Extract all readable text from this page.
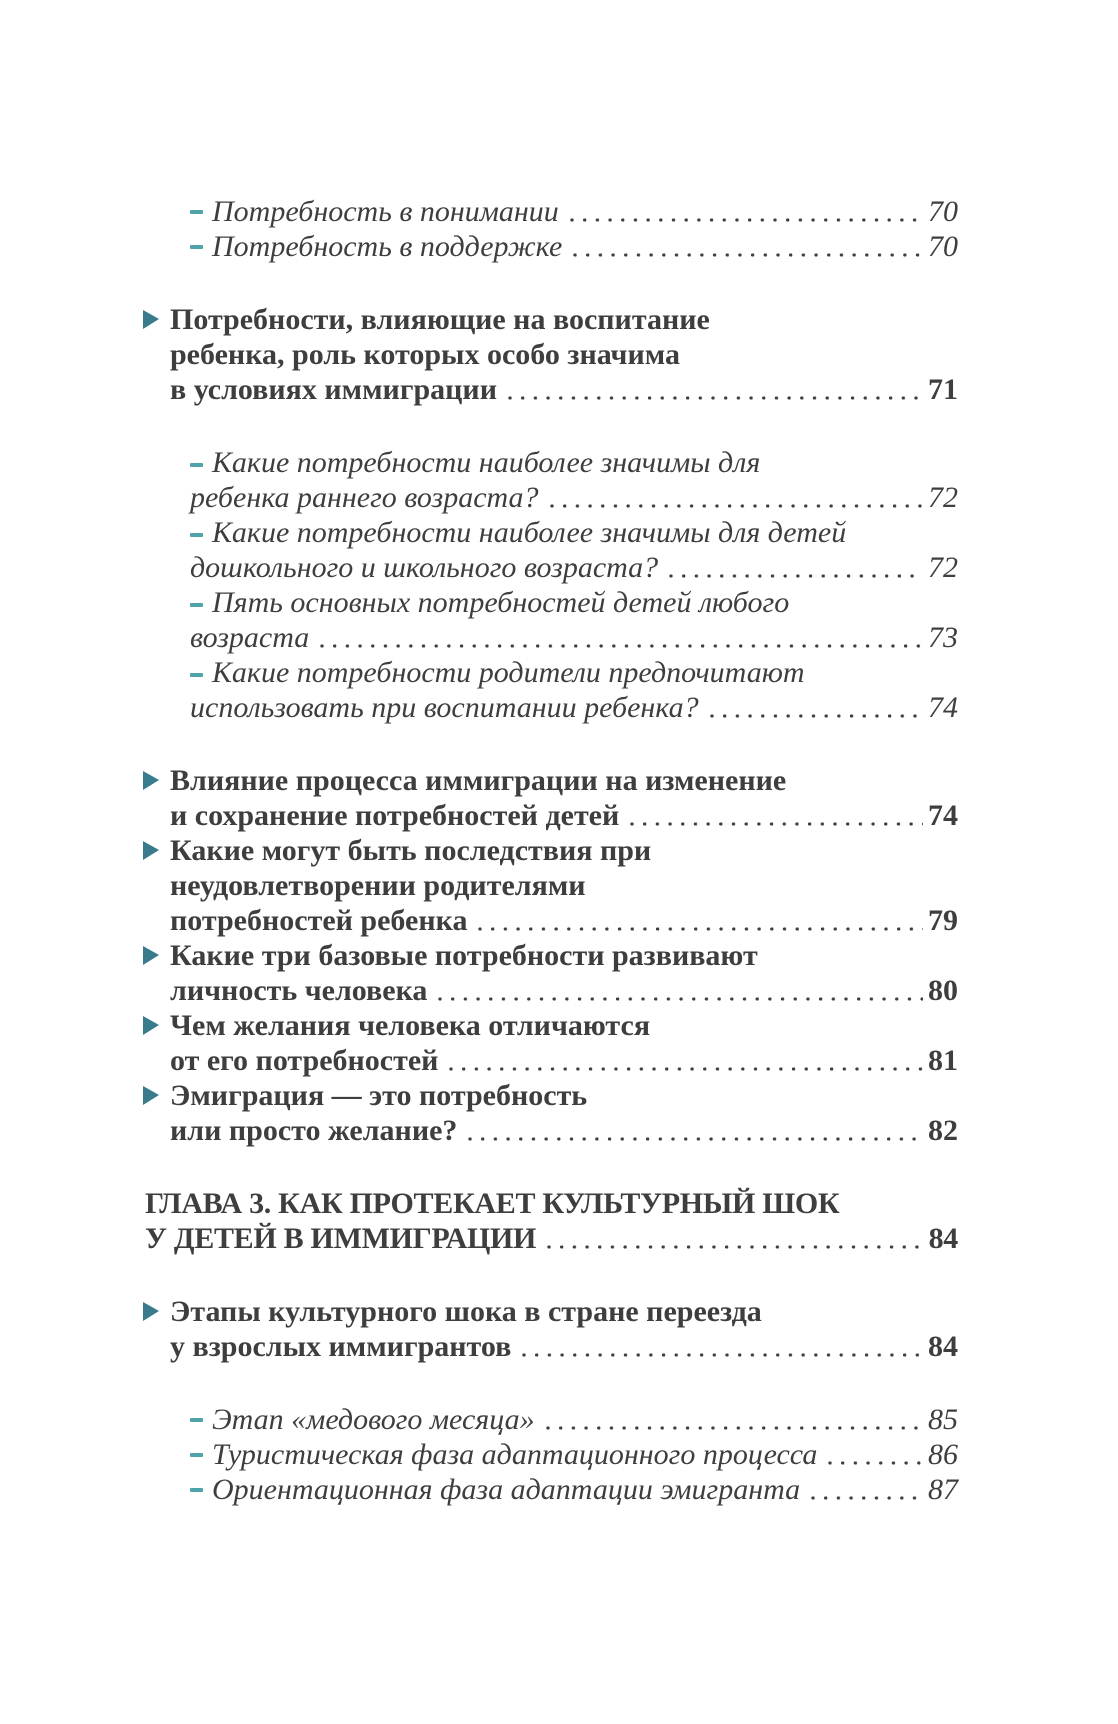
Потребность в понимании	70
Потребность в поддержке	70
Потребности, влияющие на воспитание
ребенка, роль которых особо значима
в условиях иммиграции	71
Какие потребности наиболее значимы для
ребенка раннего возраста?	72
Какие потребности наиболее значимы для детей
дошкольного и школьного возраста?	72
Пять основных потребностей детей любого
возраста	73
Какие потребности родители предпочитают
использовать при воспитании ребенка?	74
Влияние процесса иммиграции на изменение
и сохранение потребностей детей	74
Какие могут быть последствия при
неудовлетворении родителями
потребностей ребенка	79
Какие три базовые потребности развивают
личность человека	80
Чем желания человека отличаются
от его потребностей	81
Эмиграция — это потребность
или просто желание?	82
ГЛАВА 3. КАК ПРОТЕКАЕТ КУЛЬТУРНЫЙ ШОК
У ДЕТЕЙ В ИММИГРАЦИИ	84
Этапы культурного шока в стране переезда
у взрослых иммигрантов	84
Этап «медового месяца»	85
Туристическая фаза адаптационного процесса	86
Ориентационная фаза адаптации эмигранта	87
